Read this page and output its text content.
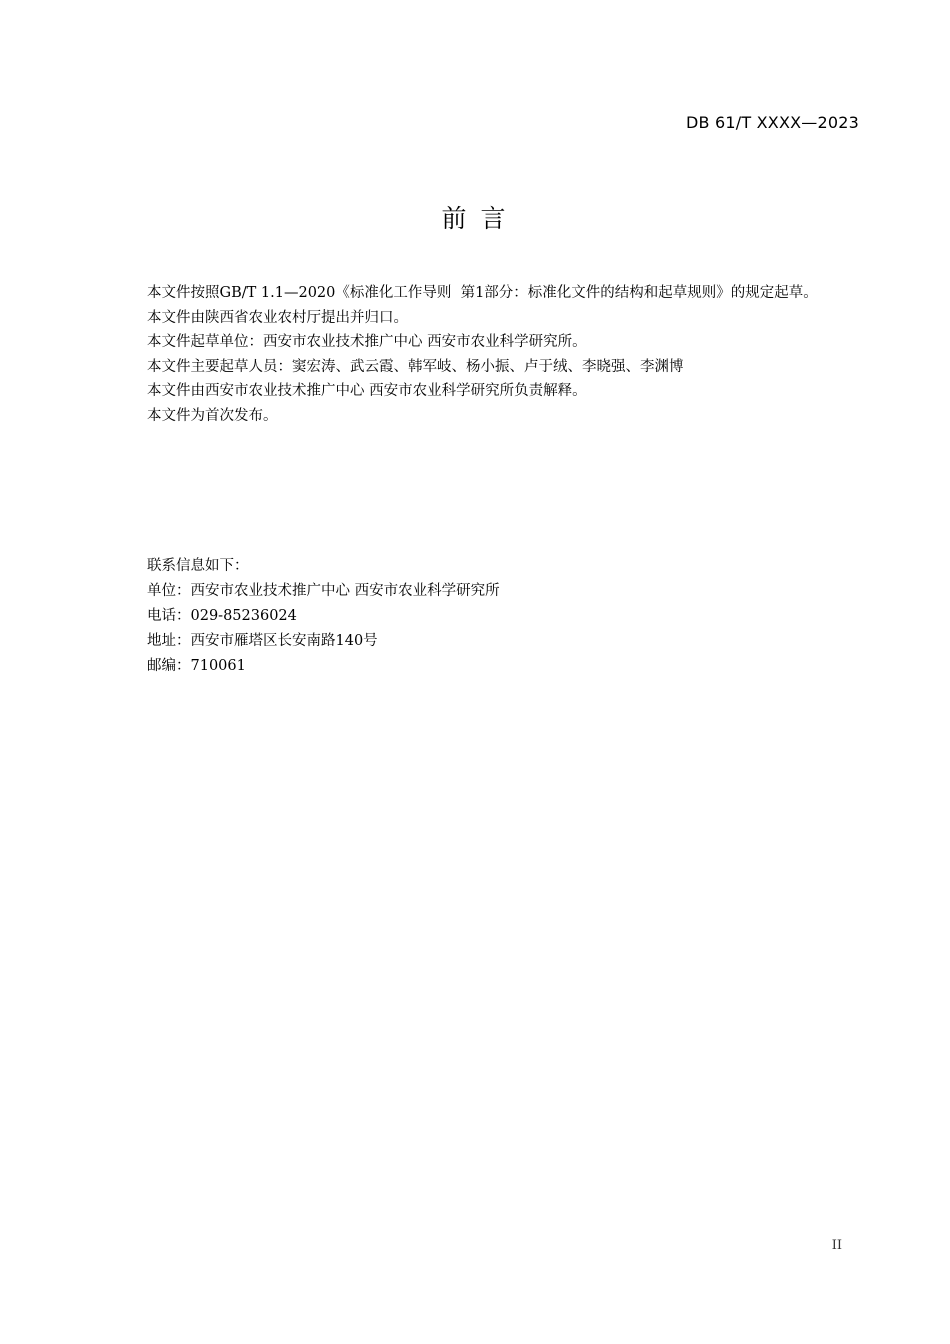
DB 61/T XXXX—2023
前 言

本文件按照GB/T 1.1—2020《标准化工作导则  第1部分：标准化文件的结构和起草规则》的规定起草。

本文件由陕西省农业农村厅提出并归口。

本文件起草单位：西安市农业技术推广中心 西安市农业科学研究所。

本文件主要起草人员：窦宏涛、武云霞、韩军岐、杨小振、卢于绒、李晓强、李渊博

本文件由西安市农业技术推广中心 西安市农业科学研究所负责解释。

本文件为首次发布。

联系信息如下：

单位：西安市农业技术推广中心 西安市农业科学研究所

电话：029-85236024

地址：西安市雁塔区长安南路140号

邮编：710061

II
